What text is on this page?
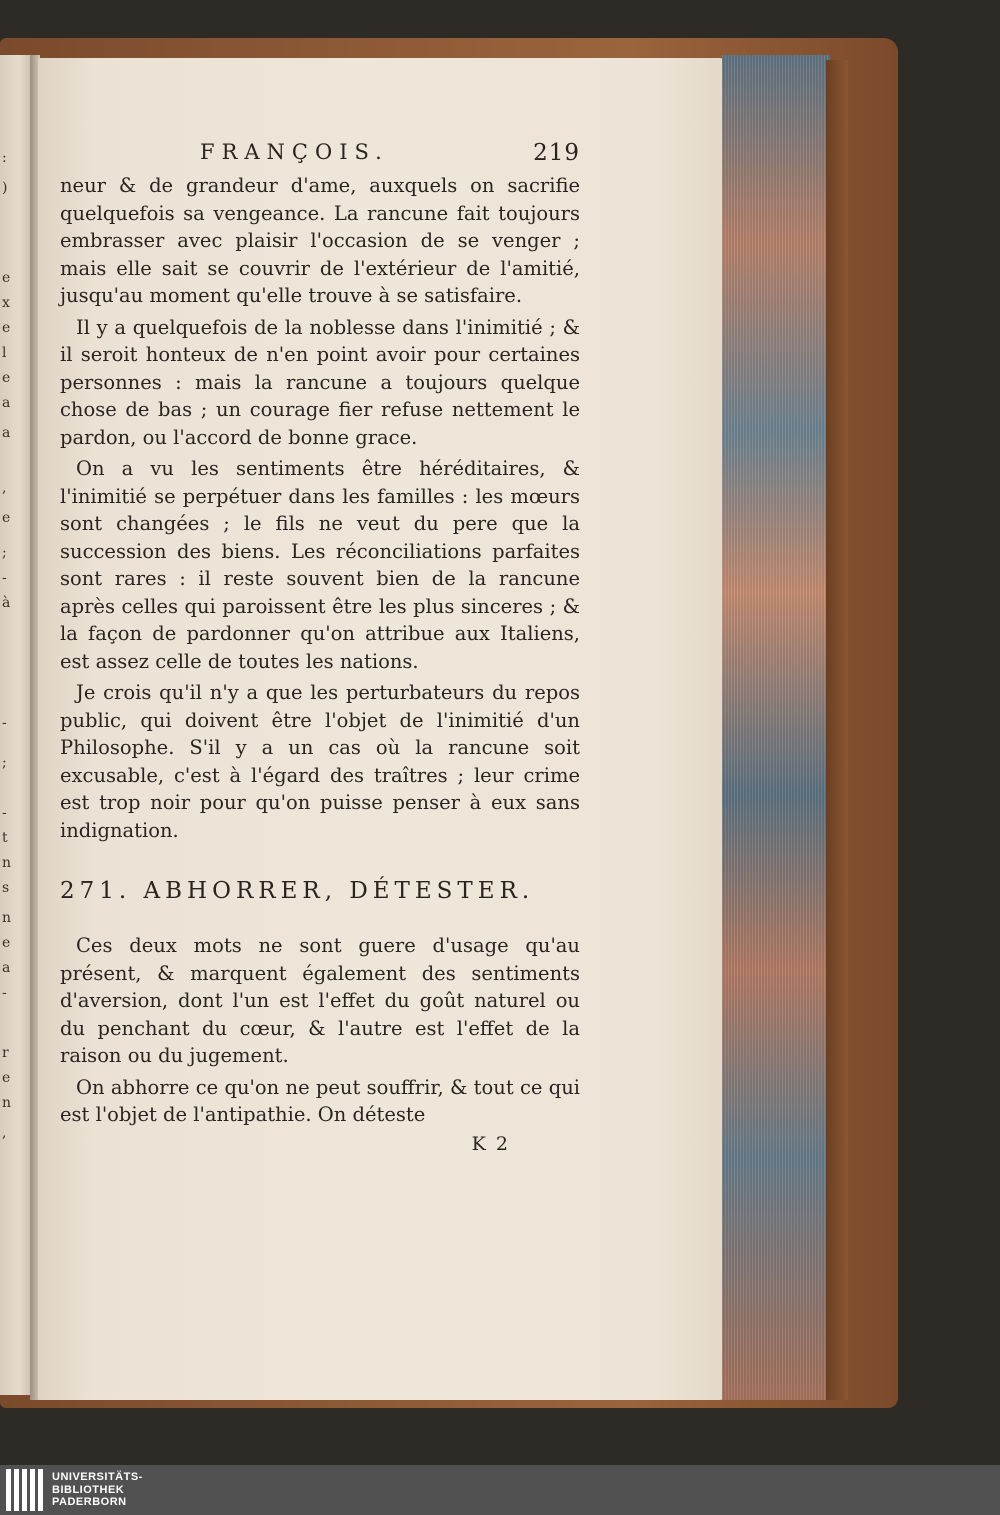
:
)
e
x
e
l
e
a
a
,
e
;
-
à
-
;
-
t
n
s
n
e
a
-
r
e
n
,
FRANÇOIS.	219

neur & de grandeur d'ame, auxquels on sacrifie quelquefois sa vengeance. La rancune fait toujours embrasser avec plaisir l'occasion de se venger ; mais elle sait se couvrir de l'extérieur de l'amitié, jusqu'au moment qu'elle trouve à se satisfaire.

Il y a quelquefois de la noblesse dans l'inimitié ; & il seroit honteux de n'en point avoir pour certaines personnes : mais la rancune a toujours quelque chose de bas ; un courage fier refuse nettement le pardon, ou l'accord de bonne grace.

On a vu les sentiments être héréditaires, & l'inimitié se perpétuer dans les familles : les mœurs sont changées ; le fils ne veut du pere que la succession des biens. Les réconciliations parfaites sont rares : il reste souvent bien de la rancune après celles qui paroissent être les plus sinceres ; & la façon de pardonner qu'on attribue aux Italiens, est assez celle de toutes les nations.

Je crois qu'il n'y a que les perturbateurs du repos public, qui doivent être l'objet de l'inimitié d'un Philosophe. S'il y a un cas où la rancune soit excusable, c'est à l'égard des traîtres ; leur crime est trop noir pour qu'on puisse penser à eux sans indignation.

271. ABHORRER, DÉTESTER.

Ces deux mots ne sont guere d'usage qu'au présent, & marquent également des sentiments d'aversion, dont l'un est l'effet du goût naturel ou du penchant du cœur, & l'autre est l'effet de la raison ou du jugement.

On abhorre ce qu'on ne peut souffrir, & tout ce qui est l'objet de l'antipathie. On déteste

K 2
UNIVERSITÄTS-
BIBLIOTHEK
PADERBORN
